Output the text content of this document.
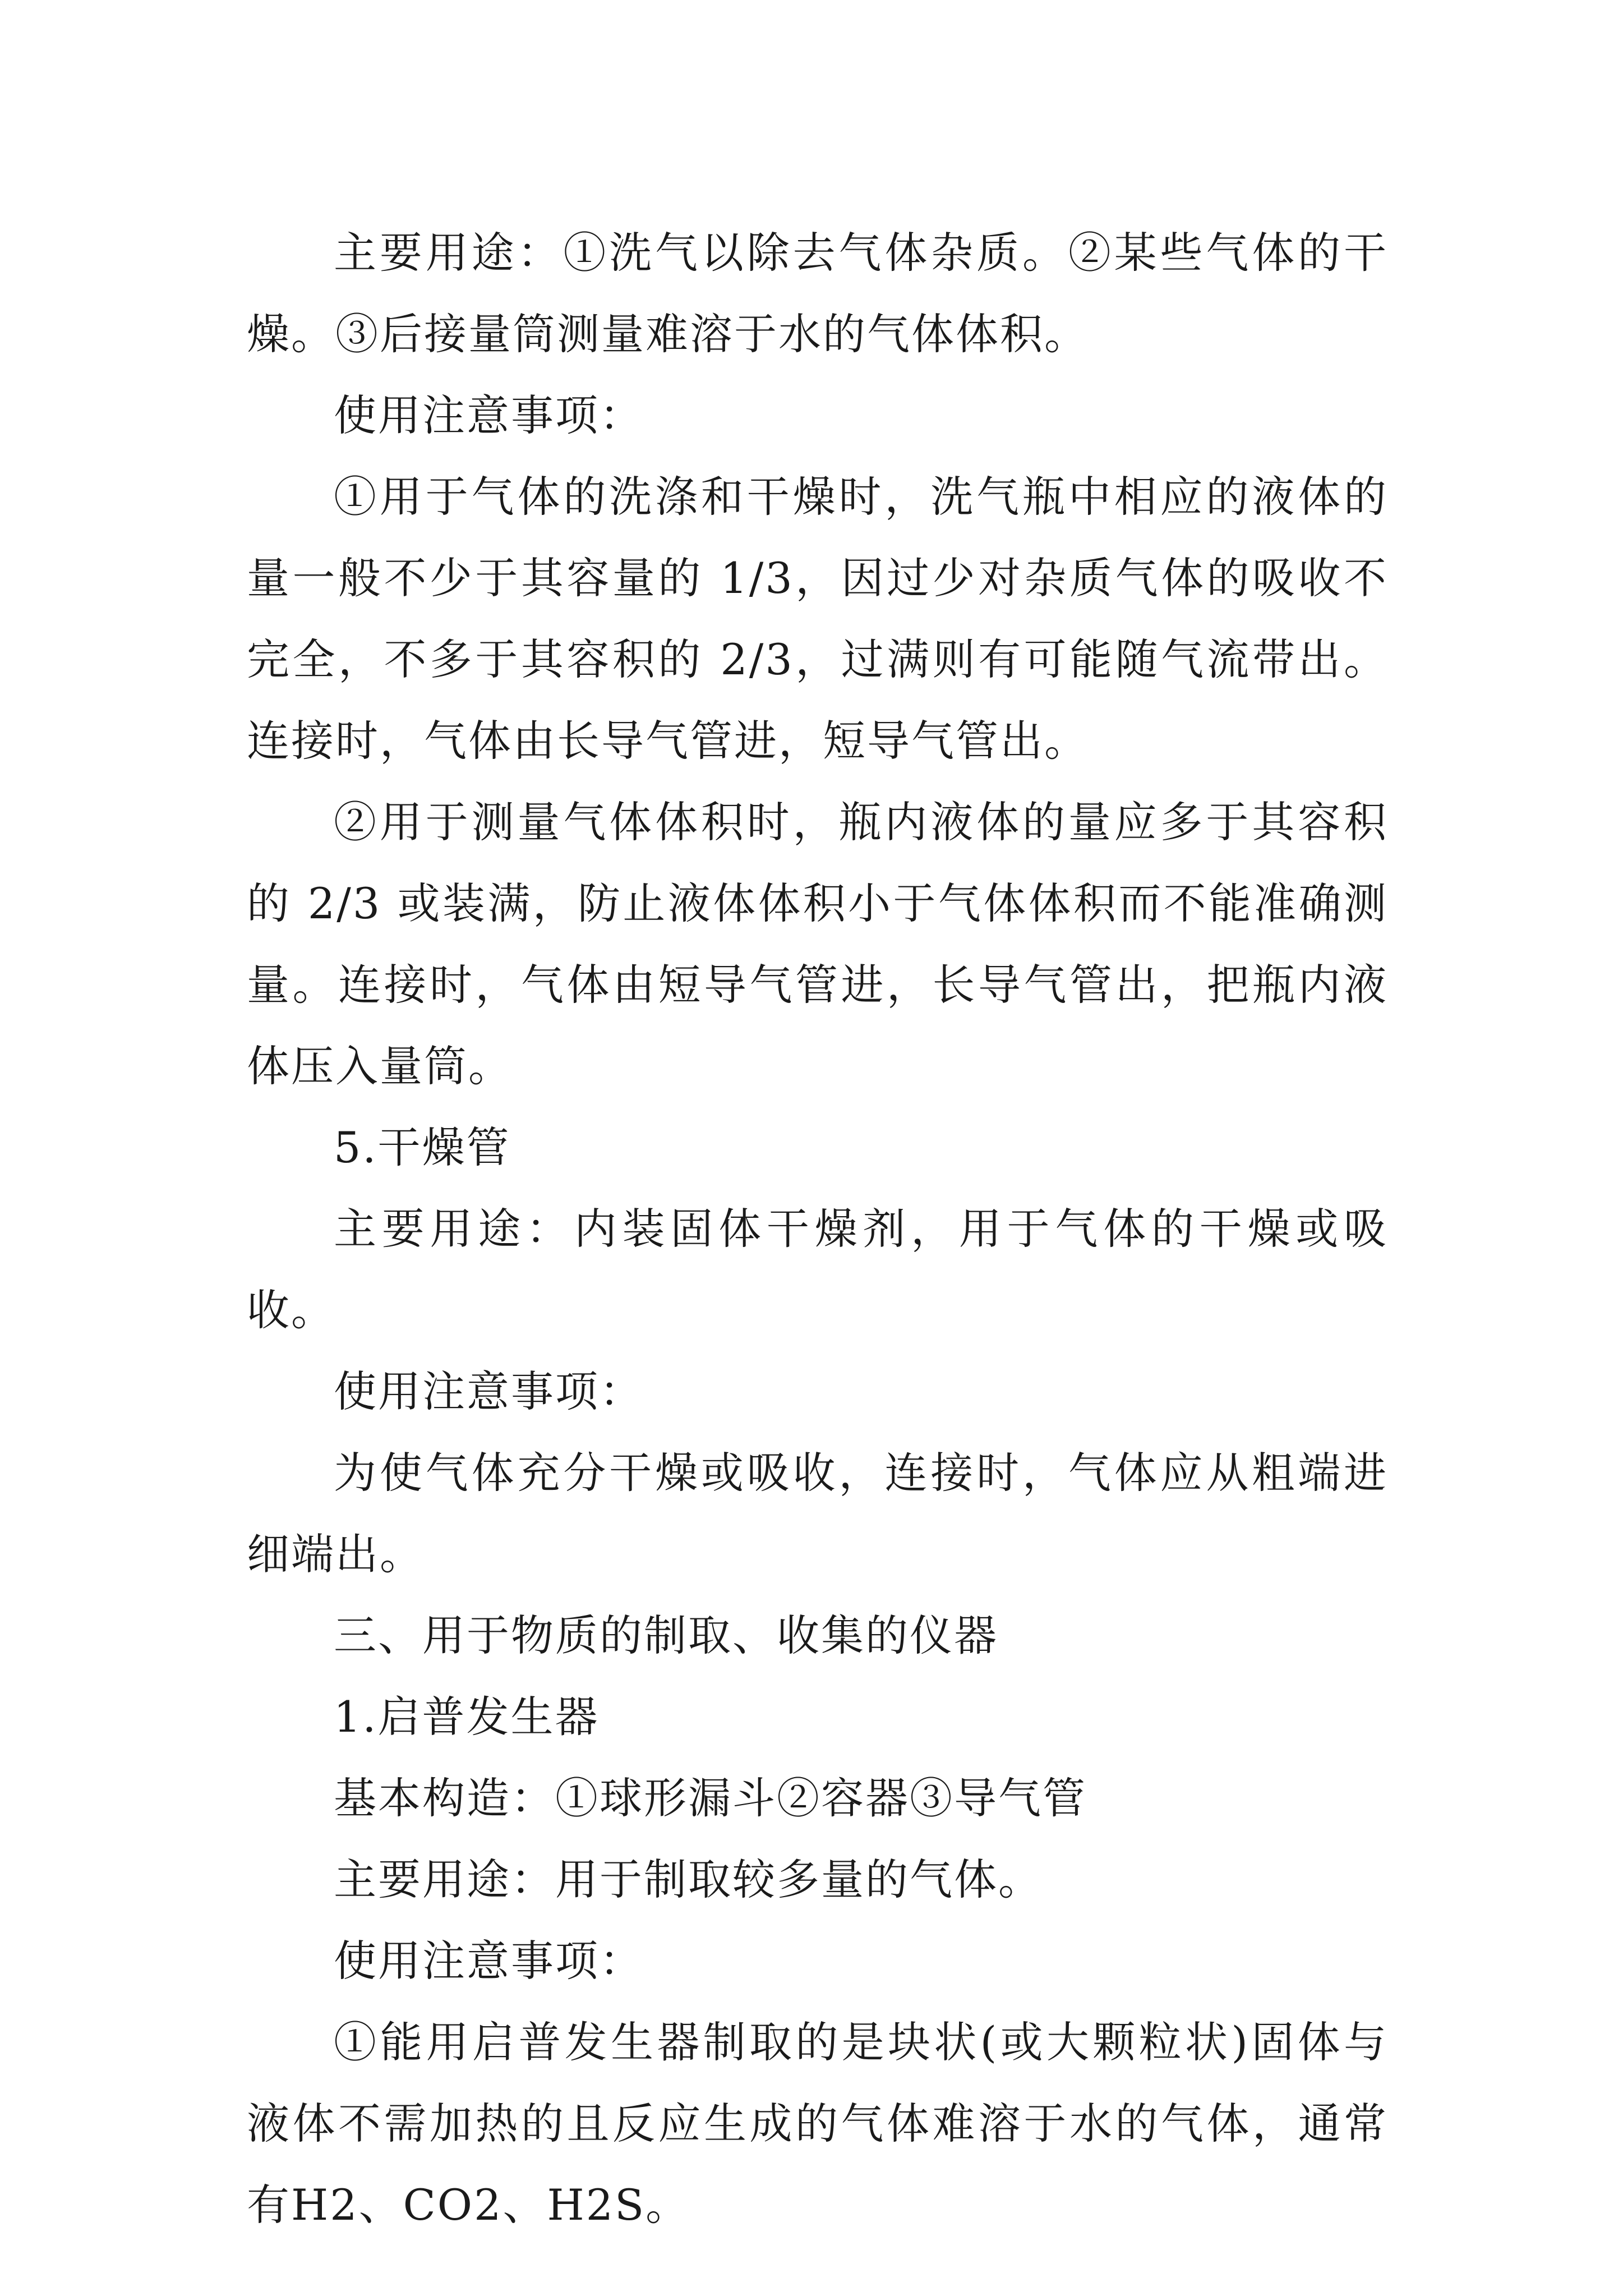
主要用途：①洗气以除去气体杂质。②某些气体的干燥。③后接量筒测量难溶于水的气体体积。

使用注意事项：

①用于气体的洗涤和干燥时，洗气瓶中相应的液体的量一般不少于其容量的 1/3，因过少对杂质气体的吸收不完全，不多于其容积的 2/3，过满则有可能随气流带出。连接时，气体由长导气管进，短导气管出。

②用于测量气体体积时，瓶内液体的量应多于其容积的 2/3 或装满，防止液体体积小于气体体积而不能准确测量。连接时，气体由短导气管进，长导气管出，把瓶内液体压入量筒。

5.干燥管

主要用途：内装固体干燥剂，用于气体的干燥或吸收。

使用注意事项：

为使气体充分干燥或吸收，连接时，气体应从粗端进细端出。

三、用于物质的制取、收集的仪器

1.启普发生器

基本构造：①球形漏斗②容器③导气管

主要用途：用于制取较多量的气体。

使用注意事项：

①能用启普发生器制取的是块状(或大颗粒状)固体与液体不需加热的且反应生成的气体难溶于水的气体，通常有H2、CO2、H2S。
